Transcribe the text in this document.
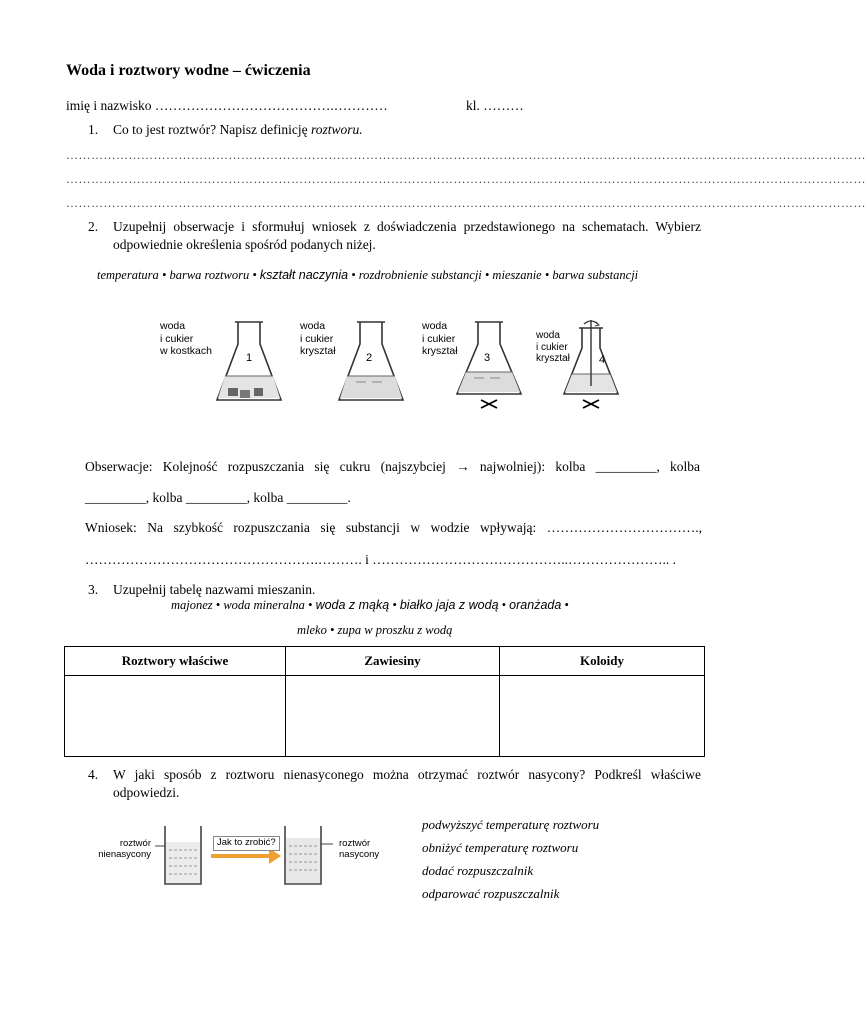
Woda i roztwory wodne – ćwiczenia
imię i nazwisko ………………………………….…………	kl. ………
1. Co to jest roztwór? Napisz definicję roztworu.
…………………………………………………………………………………………………………………………………………………………………………
…………………………………………………………………………………………………………………………………………………………………………
…………………………………………………………………………………………………………………………………………………………………………
2.	Uzupełnij obserwacje i sformułuj wniosek z doświadczenia przedstawionego na schematach. Wybierz
odpowiednie określenia spośród podanych niżej.
temperatura • barwa roztworu • kształt naczynia • rozdrobnienie substancji • mieszanie • barwa substancji
woda
i cukier
w kostkach
1
woda
i cukier
kryształ
2
woda
i cukier
kryształ
3
woda
i cukier
kryształ	4
Obserwacje: Kolejność rozpuszczania się cukru (najszybciej → najwolniej): kolba _________, kolba
_________, kolba _________, kolba _________.
Wniosek: Na szybkość rozpuszczania się substancji w wodzie wpływają: …………………………….,
…………………………………………….………. i ……………………………………..………………….. .
3. Uzupełnij tabelę nazwami mieszanin.
majonez • woda mineralna • woda z mąką • białko jaja z wodą • oranżada •
mleko • zupa w proszku z wodą
Roztwory właściwe	Zawiesiny	Koloidy

4.	W jaki sposób z roztworu nienasyconego można otrzymać roztwór nasycony? Podkreśl właściwe
odpowiedzi.
roztwór
nienasycony
Jak to zrobić?	roztwór
nasycony
podwyższyć temperaturę roztworu
obniżyć temperaturę roztworu
dodać rozpuszczalnik
odparować rozpuszczalnik
